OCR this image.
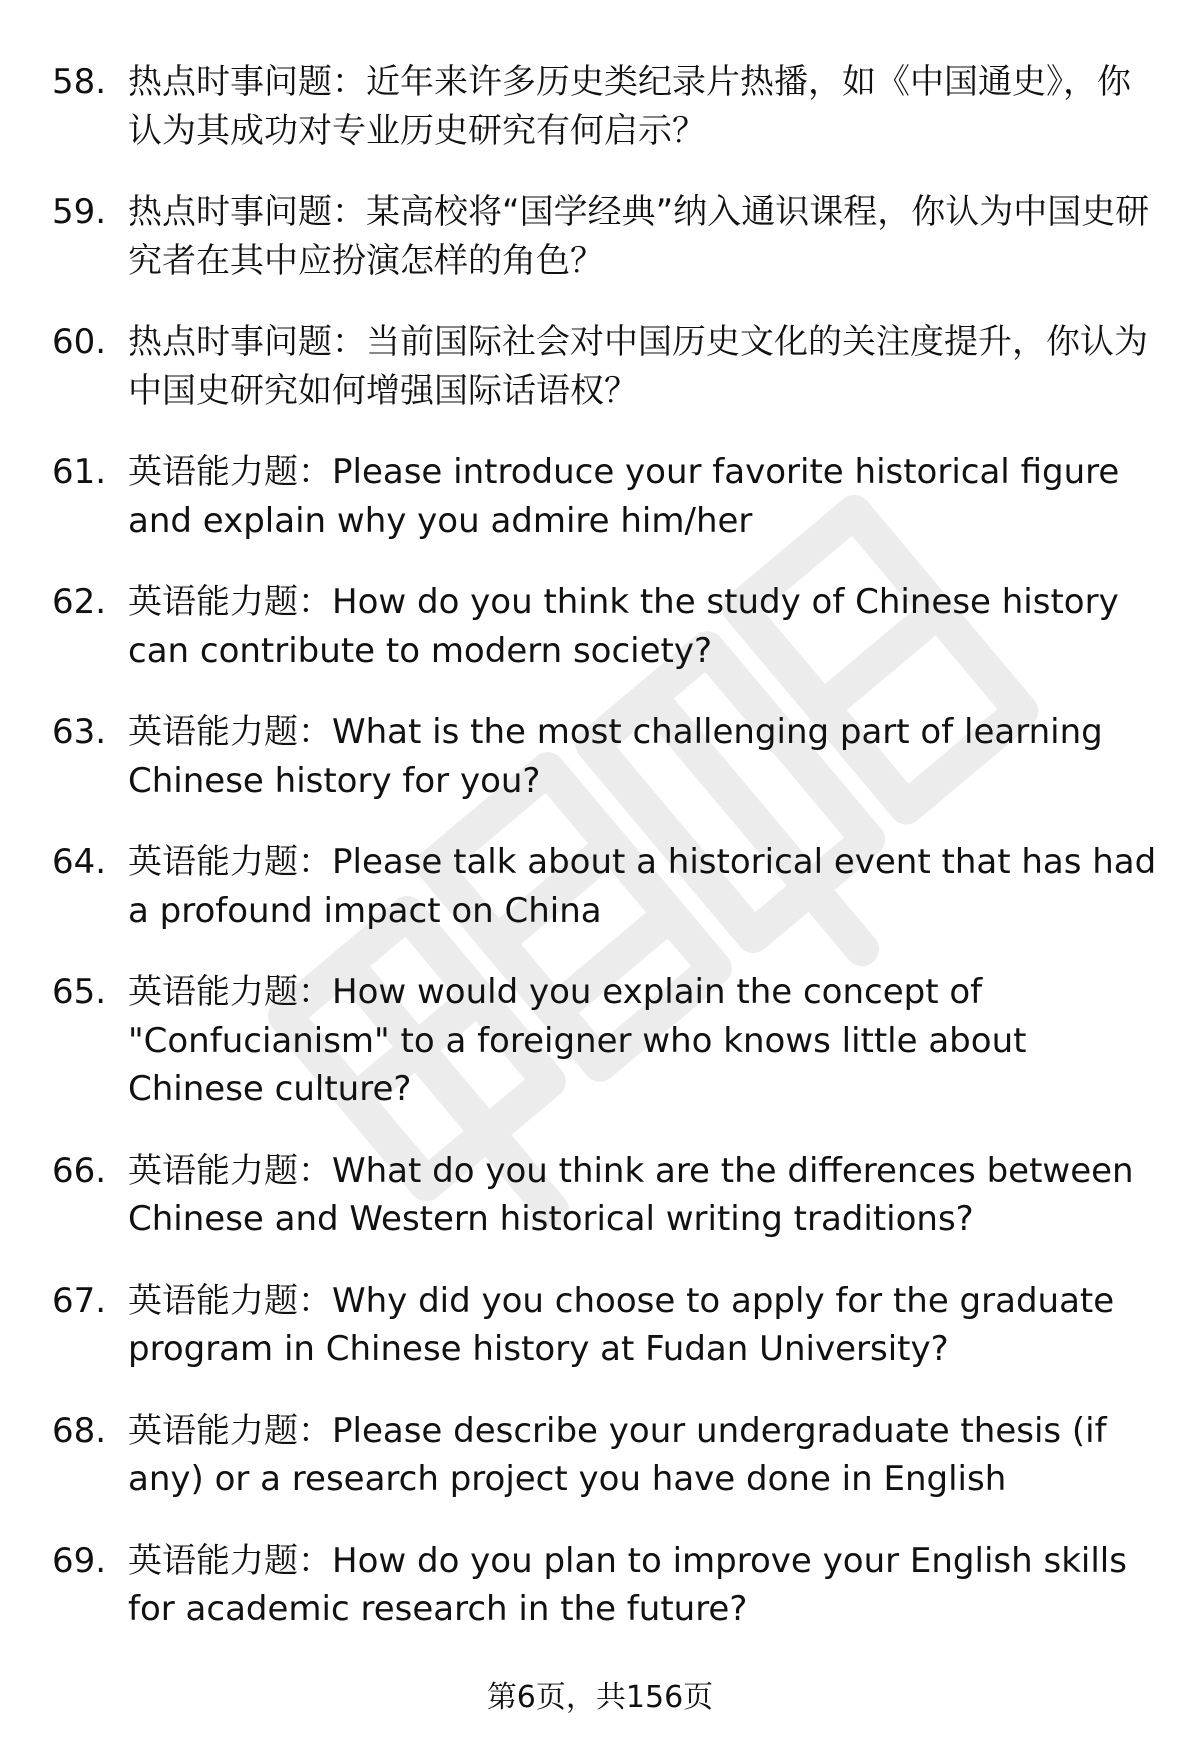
58. 热点时事问题：近年来许多历史类纪录片热播，如《中国通史》，你认为其成功对专业历史研究有何启示？
59. 热点时事问题：某高校将“国学经典”纳入通识课程，你认为中国史研究者在其中应扮演怎样的角色？
60. 热点时事问题：当前国际社会对中国历史文化的关注度提升，你认为中国史研究如何增强国际话语权？
61. 英语能力题：Please introduce your favorite historical figure and explain why you admire him/her
62. 英语能力题：How do you think the study of Chinese history can contribute to modern society?
63. 英语能力题：What is the most challenging part of learning Chinese history for you?
64. 英语能力题：Please talk about a historical event that has had a profound impact on China
65. 英语能力题：How would you explain the concept of "Confucianism" to a foreigner who knows little about Chinese culture?
66. 英语能力题：What do you think are the differences between Chinese and Western historical writing traditions?
67. 英语能力题：Why did you choose to apply for the graduate program in Chinese history at Fudan University?
68. 英语能力题：Please describe your undergraduate thesis (if any) or a research project you have done in English
69. 英语能力题：How do you plan to improve your English skills for academic research in the future?
第6页，共156页
